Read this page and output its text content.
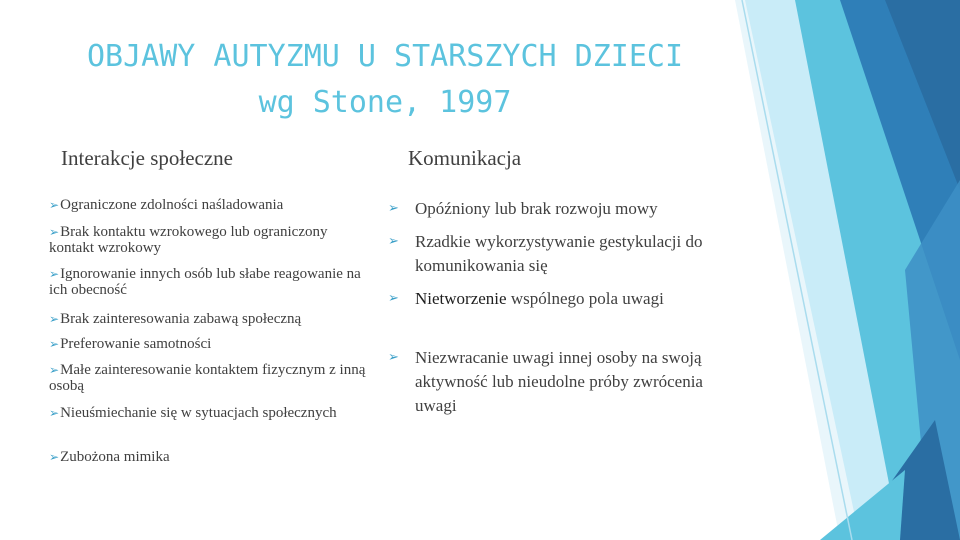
OBJAWY AUTYZMU U STARSZYCH DZIECI
wg Stone, 1997
Interakcje społeczne	Komunikacja
➢Ograniczone zdolności naśladowania
➢Brak kontaktu wzrokowego lub ograniczony kontakt wzrokowy
➢Ignorowanie innych osób lub słabe reagowanie na ich obecność
➢Brak zainteresowania zabawą społeczną
➢Preferowanie samotności
➢Małe zainteresowanie kontaktem fizycznym z inną osobą
➢Nieuśmiechanie się w sytuacjach społecznych
➢Zubożona mimika
➢ Opóźniony lub brak rozwoju mowy
➢ Rzadkie wykorzystywanie gestykulacji do komunikowania się
➢ Nietworzenie wspólnego pola uwagi
➢ Niezwracanie uwagi innej osoby na swoją aktywność lub nieudolne próby zwrócenia uwagi
